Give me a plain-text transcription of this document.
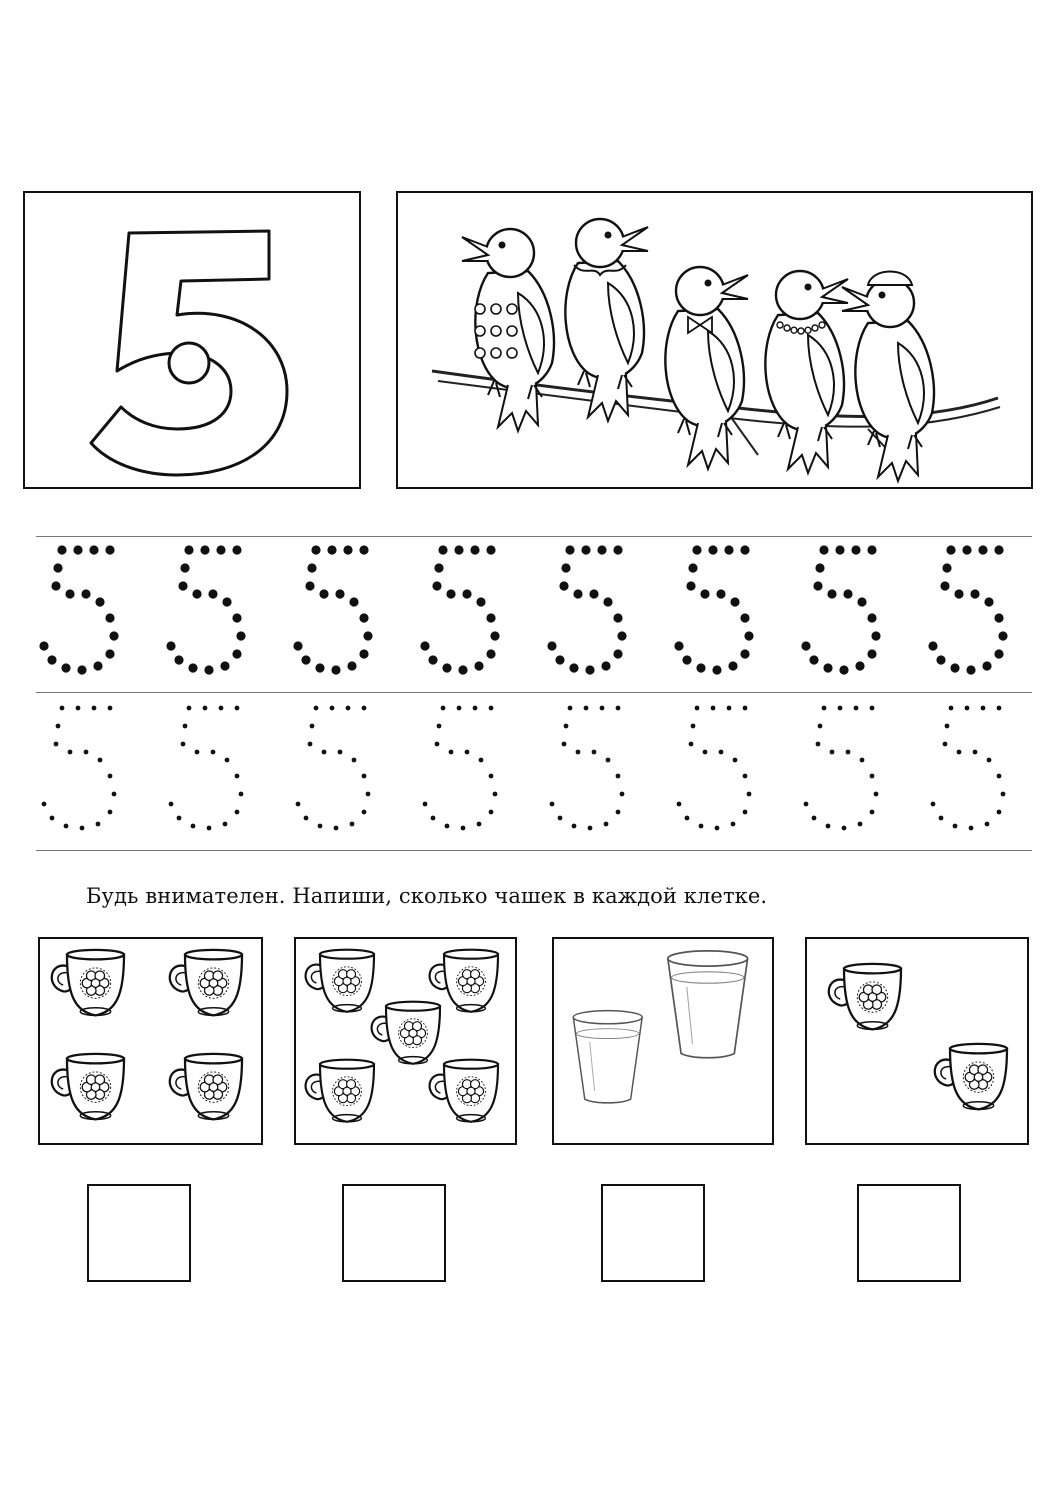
Будь внимателен. Напиши, сколько чашек в каждой клетке.
